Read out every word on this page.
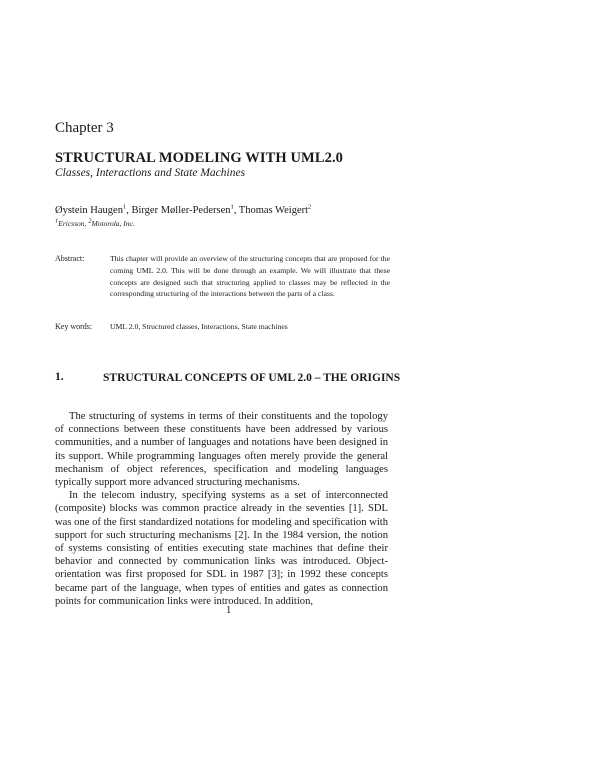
Chapter 3
STRUCTURAL MODELING WITH UML2.0
Classes, Interactions and State Machines
Øystein Haugen$^1$, Birger Møller-Pedersen$^1$, Thomas Weigert$^2$
$^1$Ericsson, $^2$Motorola, Inc.
Abstract:	This chapter will provide an overview of the structuring concepts that are proposed for the coming UML 2.0. This will be done through an example. We will illustrate that these concepts are designed such that structuring applied to classes may be reflected in the corresponding structuring of the interactions between the parts of a class.
Key words: UML 2.0, Structured classes, Interactions, State machines
1.	STRUCTURAL CONCEPTS OF UML 2.0 – THE ORIGINS

The structuring of systems in terms of their constituents and the topology of connections between these constituents have been addressed by various communities, and a number of languages and notations have been designed in its support. While programming languages often merely provide the general mechanism of object references, specification and modeling languages typically support more advanced structuring mechanisms.

In the telecom industry, specifying systems as a set of interconnected (composite) blocks was common practice already in the seventies [1]. SDL was one of the first standardized notations for modeling and specification with support for such structuring mechanisms [2]. In the 1984 version, the notion of systems consisting of entities executing state machines that define their behavior and connected by communication links was introduced. Object-orientation was first proposed for SDL in 1987 [3]; in 1992 these concepts became part of the language, when types of entities and gates as connection points for communication links were introduced. In addition,

1
